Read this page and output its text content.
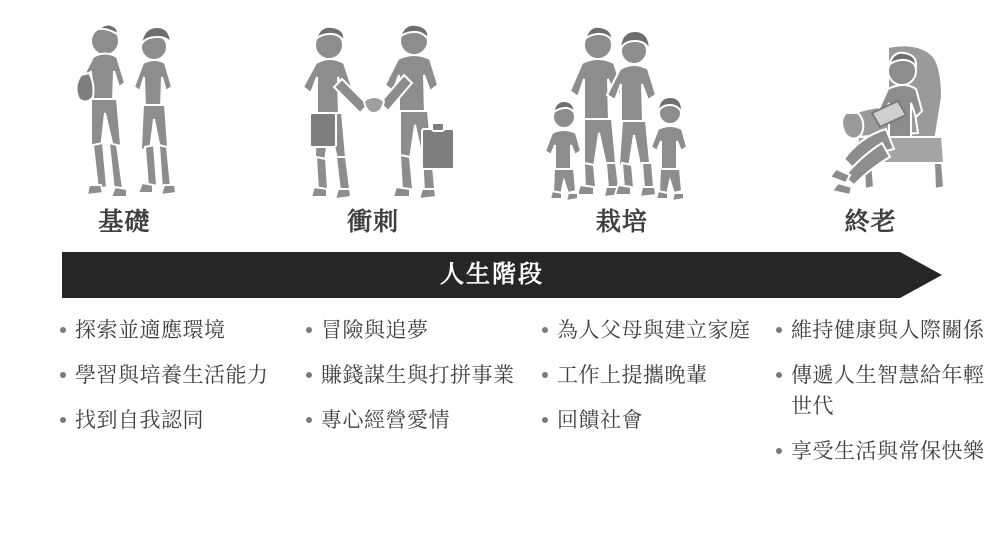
基礎	衝刺	栽培	終老
人生階段
探索並適應環境
學習與培養生活能力
找到自我認同
冒險與追夢
賺錢謀生與打拼事業
專心經營愛情
為人父母與建立家庭
工作上提攜晚輩
回饋社會
維持健康與人際關係
傳遞人生智慧給年輕世代
享受生活與常保快樂
